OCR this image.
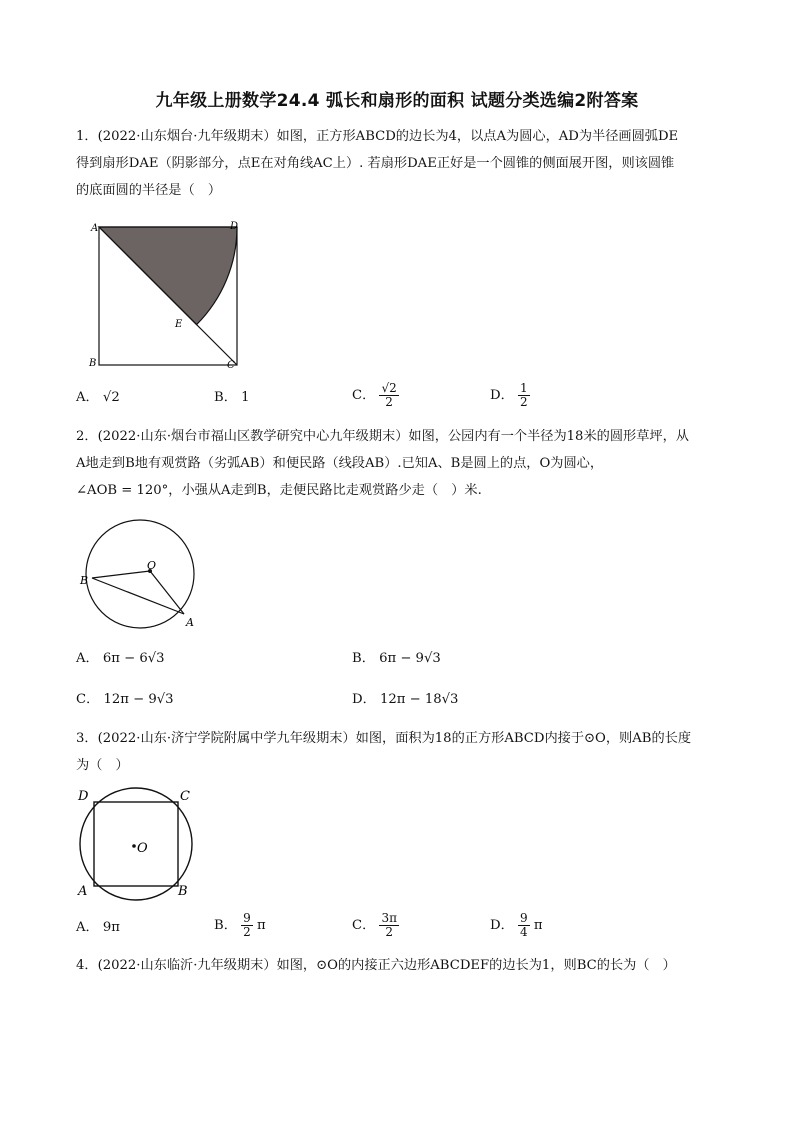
九年级上册数学24.4 弧长和扇形的面积 试题分类选编2附答案
1．(2022·山东烟台·九年级期末）如图，正方形ABCD的边长为4，以点A为圆心，AD为半径画圆弧DE
得到扇形DAE（阴影部分，点E在对角线AC上）. 若扇形DAE正好是一个圆锥的侧面展开图，则该圆锥
的底面圆的半径是（　）
A	D
E
B	C
A． √2	B． 1	C． $\frac{√2}{2}$	D． $\frac{1}{2}$
2．(2022·山东·烟台市福山区教学研究中心九年级期末）如图，公园内有一个半径为18米的圆形草坪，从
A地走到B地有观赏路（劣弧AB）和便民路（线段AB）.已知A、B是圆上的点，O为圆心，
∠AOB = 120°，小强从A走到B，走便民路比走观赏路少走（　）米.
O
B
A
A． 6π − 6√3	B． 6π − 9√3
C． 12π − 9√3	D． 12π − 18√3
3．(2022·山东·济宁学院附属中学九年级期末）如图，面积为18的正方形ABCD内接于⊙O，则AB的长度
为（　）
D	C
O
A	B
A． 9π	B． $\frac{9}{2}$ π	C． $\frac{3\pi}{2}$	D． $\frac{9}{4}$ π
4．(2022·山东临沂·九年级期末）如图，⊙O的内接正六边形ABCDEF的边长为1，则BC的长为（　）
